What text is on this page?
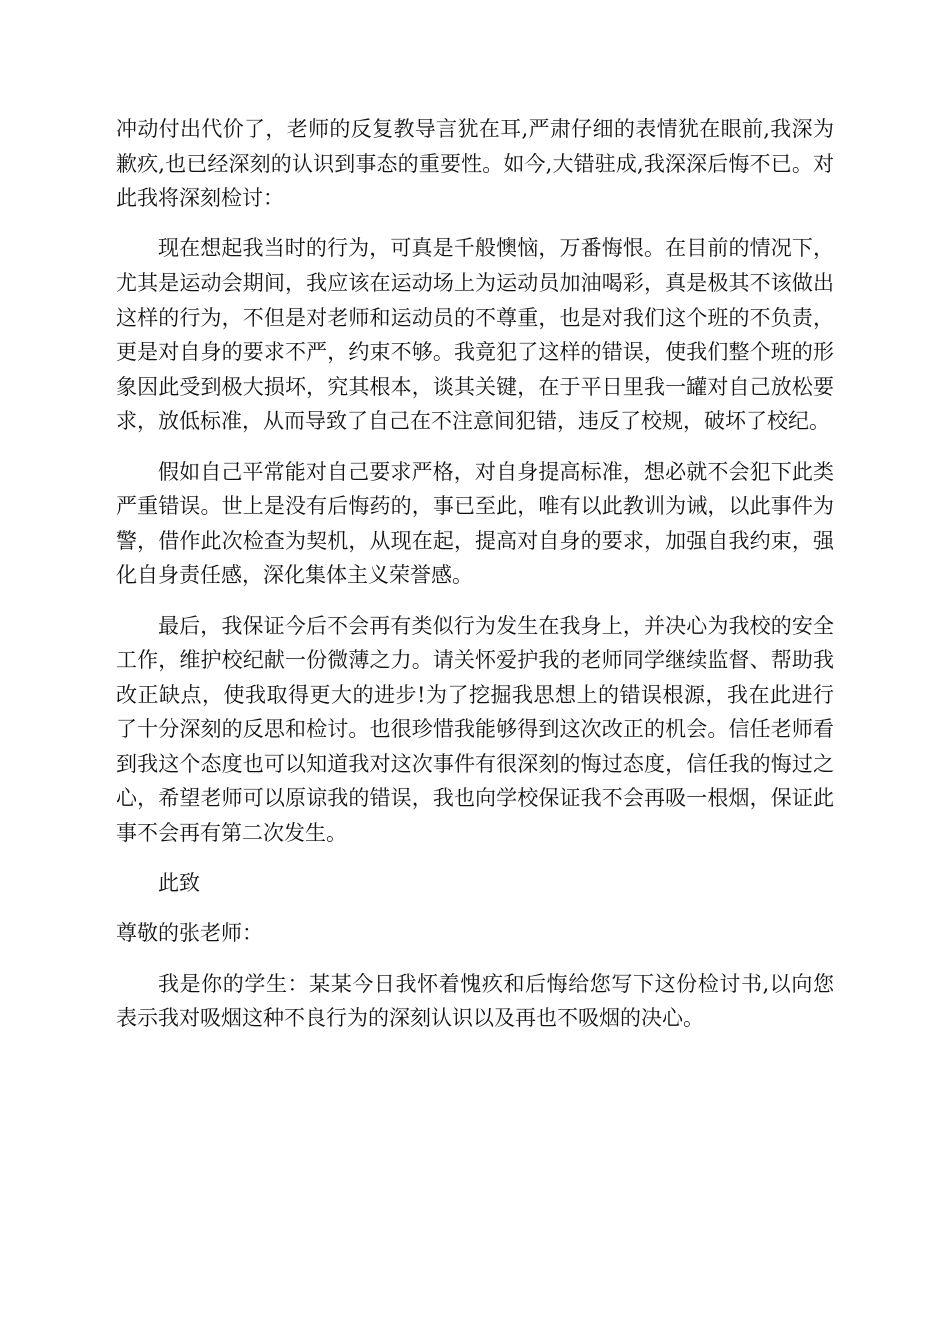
冲动付出代价了，老师的反复教导言犹在耳,严肃仔细的表情犹在眼前,我深为歉疚,也已经深刻的认识到事态的重要性。如今,大错驻成,我深深后悔不已。对此我将深刻检讨：

现在想起我当时的行为，可真是千般懊恼，万番悔恨。在目前的情况下，尤其是运动会期间，我应该在运动场上为运动员加油喝彩，真是极其不该做出这样的行为，不但是对老师和运动员的不尊重，也是对我们这个班的不负责，更是对自身的要求不严，约束不够。我竟犯了这样的错误，使我们整个班的形象因此受到极大损坏，究其根本，谈其关键，在于平日里我一罐对自己放松要求，放低标准，从而导致了自己在不注意间犯错，违反了校规，破坏了校纪。

假如自己平常能对自己要求严格，对自身提高标准，想必就不会犯下此类严重错误。世上是没有后悔药的，事已至此，唯有以此教训为诫，以此事件为警，借作此次检查为契机，从现在起，提高对自身的要求，加强自我约束，强化自身责任感，深化集体主义荣誉感。

最后，我保证今后不会再有类似行为发生在我身上，并决心为我校的安全工作，维护校纪献一份微薄之力。请关怀爱护我的老师同学继续监督、帮助我改正缺点，使我取得更大的进步!为了挖掘我思想上的错误根源，我在此进行了十分深刻的反思和检讨。也很珍惜我能够得到这次改正的机会。信任老师看到我这个态度也可以知道我对这次事件有很深刻的悔过态度，信任我的悔过之心，希望老师可以原谅我的错误，我也向学校保证我不会再吸一根烟，保证此事不会再有第二次发生。

此致

尊敬的张老师：

我是你的学生：某某今日我怀着愧疚和后悔给您写下这份检讨书,以向您表示我对吸烟这种不良行为的深刻认识以及再也不吸烟的决心。
